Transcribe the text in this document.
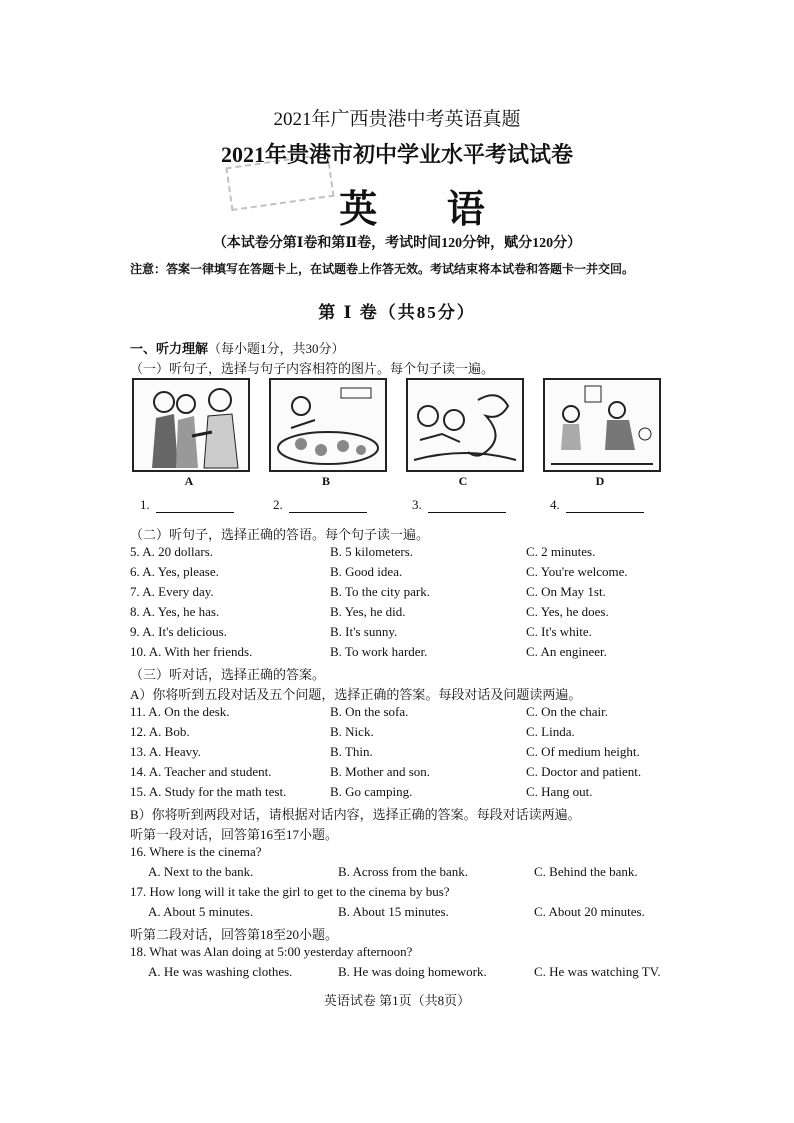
2021年广西贵港中考英语真题
2021年贵港市初中学业水平考试试卷
英 语
（本试卷分第Ⅰ卷和第Ⅱ卷，考试时间120分钟，赋分120分）
注意：答案一律填写在答题卡上，在试题卷上作答无效。考试结束将本试卷和答题卡一并交回。
第 Ⅰ 卷（共85分）
一、听力理解（每小题1分，共30分）
（一）听句子，选择与句子内容相符的图片。每个句子读一遍。
A	B	C	D
1.	2.	3.	4.
（二）听句子，选择正确的答语。每个句子读一遍。
5. A. 20 dollars.	B. 5 kilometers.	C. 2 minutes.
6. A. Yes, please.	B. Good idea.	C. You're welcome.
7. A. Every day.	B. To the city park.	C. On May 1st.
8. A. Yes, he has.	B. Yes, he did.	C. Yes, he does.
9. A. It's delicious.	B. It's sunny.	C. It's white.
10. A. With her friends.	B. To work harder.	C. An engineer.
（三）听对话，选择正确的答案。
A）你将听到五段对话及五个问题，选择正确的答案。每段对话及问题读两遍。
11. A. On the desk.	B. On the sofa.	C. On the chair.
12. A. Bob.	B. Nick.	C. Linda.
13. A. Heavy.	B. Thin.	C. Of medium height.
14. A. Teacher and student.	B. Mother and son.	C. Doctor and patient.
15. A. Study for the math test.	B. Go camping.	C. Hang out.
B）你将听到两段对话，请根据对话内容，选择正确的答案。每段对话读两遍。
听第一段对话，回答第16至17小题。
16. Where is the cinema?
A. Next to the bank.	B. Across from the bank.	C. Behind the bank.
17. How long will it take the girl to get to the cinema by bus?
A. About 5 minutes.	B. About 15 minutes.	C. About 20 minutes.
听第二段对话，回答第18至20小题。
18. What was Alan doing at 5:00 yesterday afternoon?
A. He was washing clothes.	B. He was doing homework.	C. He was watching TV.
英语试卷 第1页（共8页）
